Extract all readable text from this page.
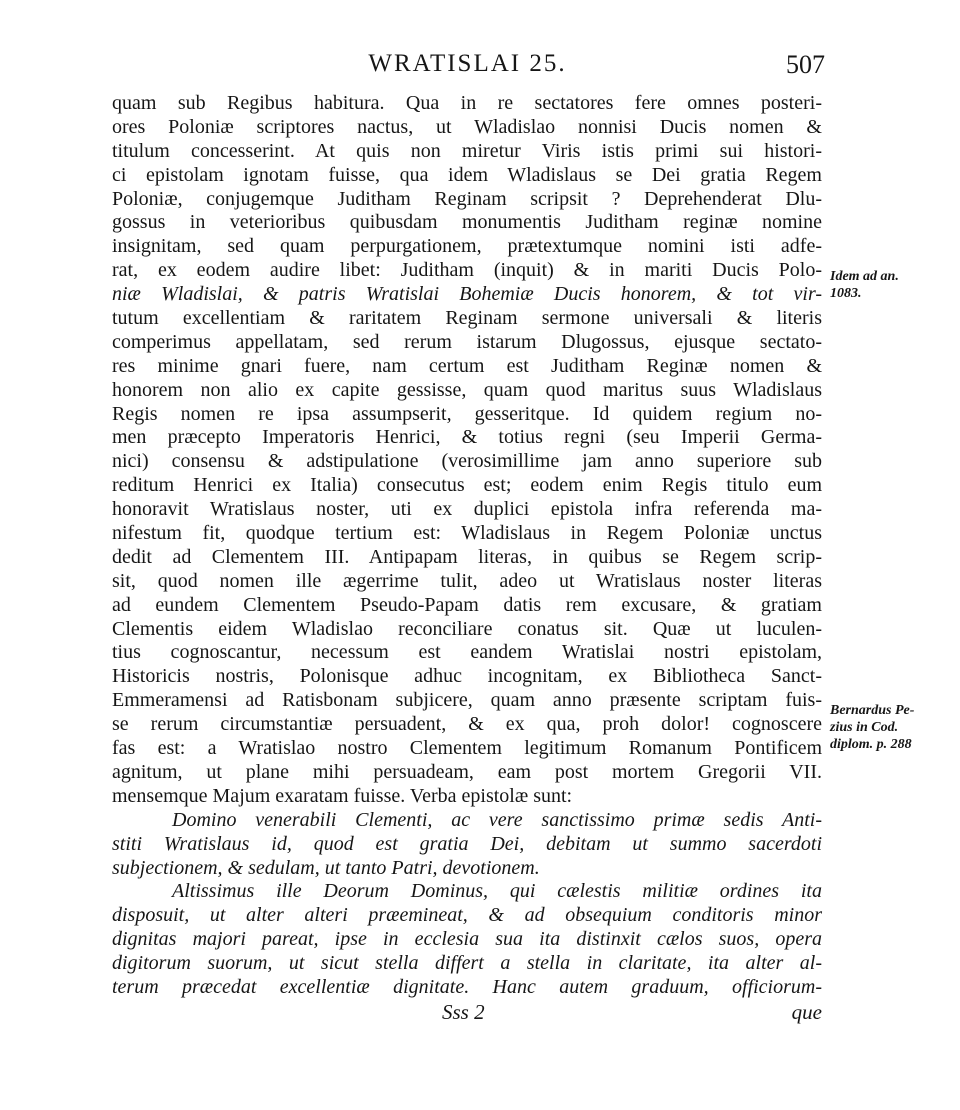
WRATISLAI 25.	507
quam sub Regibus habitura. Qua in re sectatores fere omnes posteri-
ores Poloniæ scriptores nactus, ut Wladislao nonnisi Ducis nomen &
titulum concesserint. At quis non miretur Viris istis primi sui histori-
ci epistolam ignotam fuisse, qua idem Wladislaus se Dei gratia Regem
Poloniæ, conjugemque Juditham Reginam scripsit ? Deprehenderat Dlu-
gossus in veterioribus quibusdam monumentis Juditham reginæ nomine
insignitam, sed quam perpurgationem, prætextumque nomini isti adfe-
rat, ex eodem audire libet: Juditham (inquit) & in mariti Ducis Polo-
niæ Wladislai, & patris Wratislai Bohemiæ Ducis honorem, & tot vir-
tutum excellentiam & raritatem Reginam sermone universali & literis
comperimus appellatam, sed rerum istarum Dlugossus, ejusque sectato-
res minime gnari fuere, nam certum est Juditham Reginæ nomen &
honorem non alio ex capite gessisse, quam quod maritus suus Wladislaus
Regis nomen re ipsa assumpserit, gesseritque. Id quidem regium no-
men præcepto Imperatoris Henrici, & totius regni (seu Imperii Germa-
nici) consensu & adstipulatione (verosimillime jam anno superiore sub
reditum Henrici ex Italia) consecutus est; eodem enim Regis titulo eum
honoravit Wratislaus noster, uti ex duplici epistola infra referenda ma-
nifestum fit, quodque tertium est: Wladislaus in Regem Poloniæ unctus
dedit ad Clementem III. Antipapam literas, in quibus se Regem scrip-
sit, quod nomen ille ægerrime tulit, adeo ut Wratislaus noster literas
ad eundem Clementem Pseudo-Papam datis rem excusare, & gratiam
Clementis eidem Wladislao reconciliare conatus sit. Quæ ut luculen-
tius cognoscantur, necessum est eandem Wratislai nostri epistolam,
Historicis nostris, Polonisque adhuc incognitam, ex Bibliotheca Sanct-
Emmeramensi ad Ratisbonam subjicere, quam anno præsente scriptam fuis-
se rerum circumstantiæ persuadent, & ex qua, proh dolor! cognoscere
fas est: a Wratislao nostro Clementem legitimum Romanum Pontificem
agnitum, ut plane mihi persuadeam, eam post mortem Gregorii VII.
mensemque Majum exaratam fuisse. Verba epistolæ sunt:
Domino venerabili Clementi, ac vere sanctissimo primæ sedis Anti-
stiti Wratislaus id, quod est gratia Dei, debitam ut summo sacerdoti
subjectionem, & sedulam, ut tanto Patri, devotionem.
Altissimus ille Deorum Dominus, qui cælestis militiæ ordines ita
disposuit, ut alter alteri præemineat, & ad obsequium conditoris minor
dignitas majori pareat, ipse in ecclesia sua ita distinxit cælos suos, opera
digitorum suorum, ut sicut stella differt a stella in claritate, ita alter al-
terum præcedat excellentiæ dignitate. Hanc autem graduum, officiorum-
Sss 2	que
Idem ad an.
1083.
Bernardus Pe-
zius in Cod.
diplom. p. 288
